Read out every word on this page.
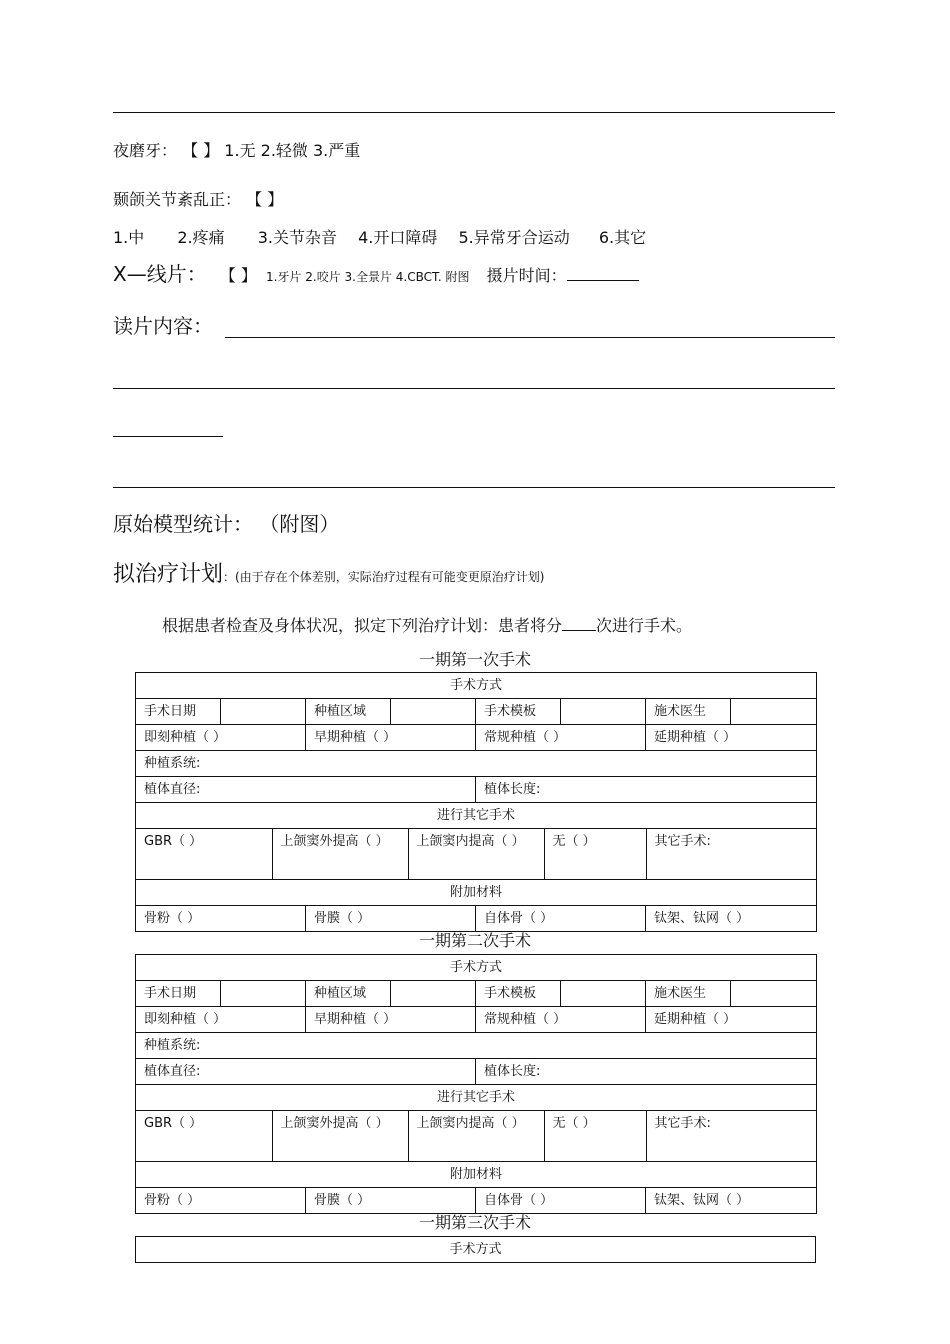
夜磨牙： 【 】 1.无 2.轻微 3.严重
颞颌关节紊乱正： 【 】
1.中 2.疼痛 3.关节杂音 4.开口障碍 5.异常牙合运动 6.其它
X—线片： 【 】 1.牙片 2.咬片 3.全景片 4.CBCT. 附图 摄片时间：
读片内容：
原始模型统计： （附图）
拟治疗计划：(由于存在个体差别，实际治疗过程有可能变更原治疗计划)
根据患者检查及身体状况，拟定下列治疗计划：患者将分 次进行手术。
一期第一次手术
手术方式
手术日期		种植区域		手术模板		施术医生	
即刻种植（ ）	早期种植（ ）	常规种植（ ）	延期种植（ ）
种植系统:
植体直径:	植体长度:
进行其它手术

GBR（ ）	上颌窦外提高（ ）	上颌窦内提高（ ）	无（ ）	其它手术:

附加材料
骨粉（ ）	骨膜（ ）	自体骨（ ）	钛架、钛网（ ）
一期第二次手术
手术方式
手术日期		种植区域		手术模板		施术医生	
即刻种植（ ）	早期种植（ ）	常规种植（ ）	延期种植（ ）
种植系统:
植体直径:	植体长度:
进行其它手术

GBR（ ）	上颌窦外提高（ ）	上颌窦内提高（ ）	无（ ）	其它手术:

附加材料
骨粉（ ）	骨膜（ ）	自体骨（ ）	钛架、钛网（ ）
一期第三次手术
手术方式
